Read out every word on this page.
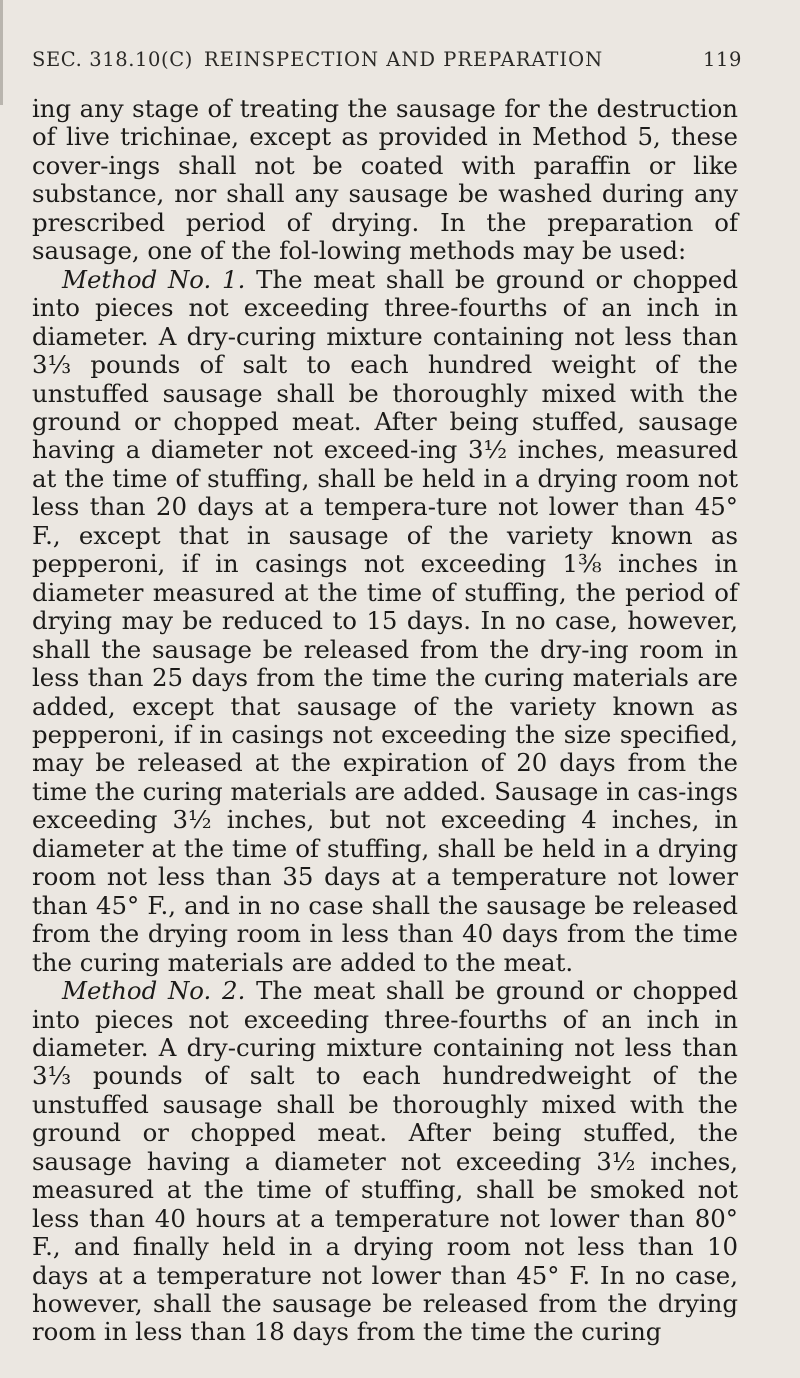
SEC. 318.10(C) REINSPECTION AND PREPARATION	119

ing any stage of treating the sausage for the destruction of live trichinae, except as provided in Method 5, these cover-ings shall not be coated with paraffin or like substance, nor shall any sausage be washed during any prescribed period of drying. In the preparation of sausage, one of the fol-lowing methods may be used:

Method No. 1. The meat shall be ground or chopped into pieces not exceeding three-fourths of an inch in diameter. A dry-curing mixture containing not less than 3⅓ pounds of salt to each hundred weight of the unstuffed sausage shall be thoroughly mixed with the ground or chopped meat. After being stuffed, sausage having a diameter not exceed-ing 3½ inches, measured at the time of stuffing, shall be held in a drying room not less than 20 days at a tempera-ture not lower than 45° F., except that in sausage of the variety known as pepperoni, if in casings not exceeding 1⅜ inches in diameter measured at the time of stuffing, the period of drying may be reduced to 15 days. In no case, however, shall the sausage be released from the dry-ing room in less than 25 days from the time the curing materials are added, except that sausage of the variety known as pepperoni, if in casings not exceeding the size specified, may be released at the expiration of 20 days from the time the curing materials are added. Sausage in cas-ings exceeding 3½ inches, but not exceeding 4 inches, in diameter at the time of stuffing, shall be held in a drying room not less than 35 days at a temperature not lower than 45° F., and in no case shall the sausage be released from the drying room in less than 40 days from the time the curing materials are added to the meat.

Method No. 2. The meat shall be ground or chopped into pieces not exceeding three-fourths of an inch in diameter. A dry-curing mixture containing not less than 3⅓ pounds of salt to each hundredweight of the unstuffed sausage shall be thoroughly mixed with the ground or chopped meat. After being stuffed, the sausage having a diameter not exceeding 3½ inches, measured at the time of stuffing, shall be smoked not less than 40 hours at a temperature not lower than 80° F., and finally held in a drying room not less than 10 days at a temperature not lower than 45° F. In no case, however, shall the sausage be released from the drying room in less than 18 days from the time the curing
